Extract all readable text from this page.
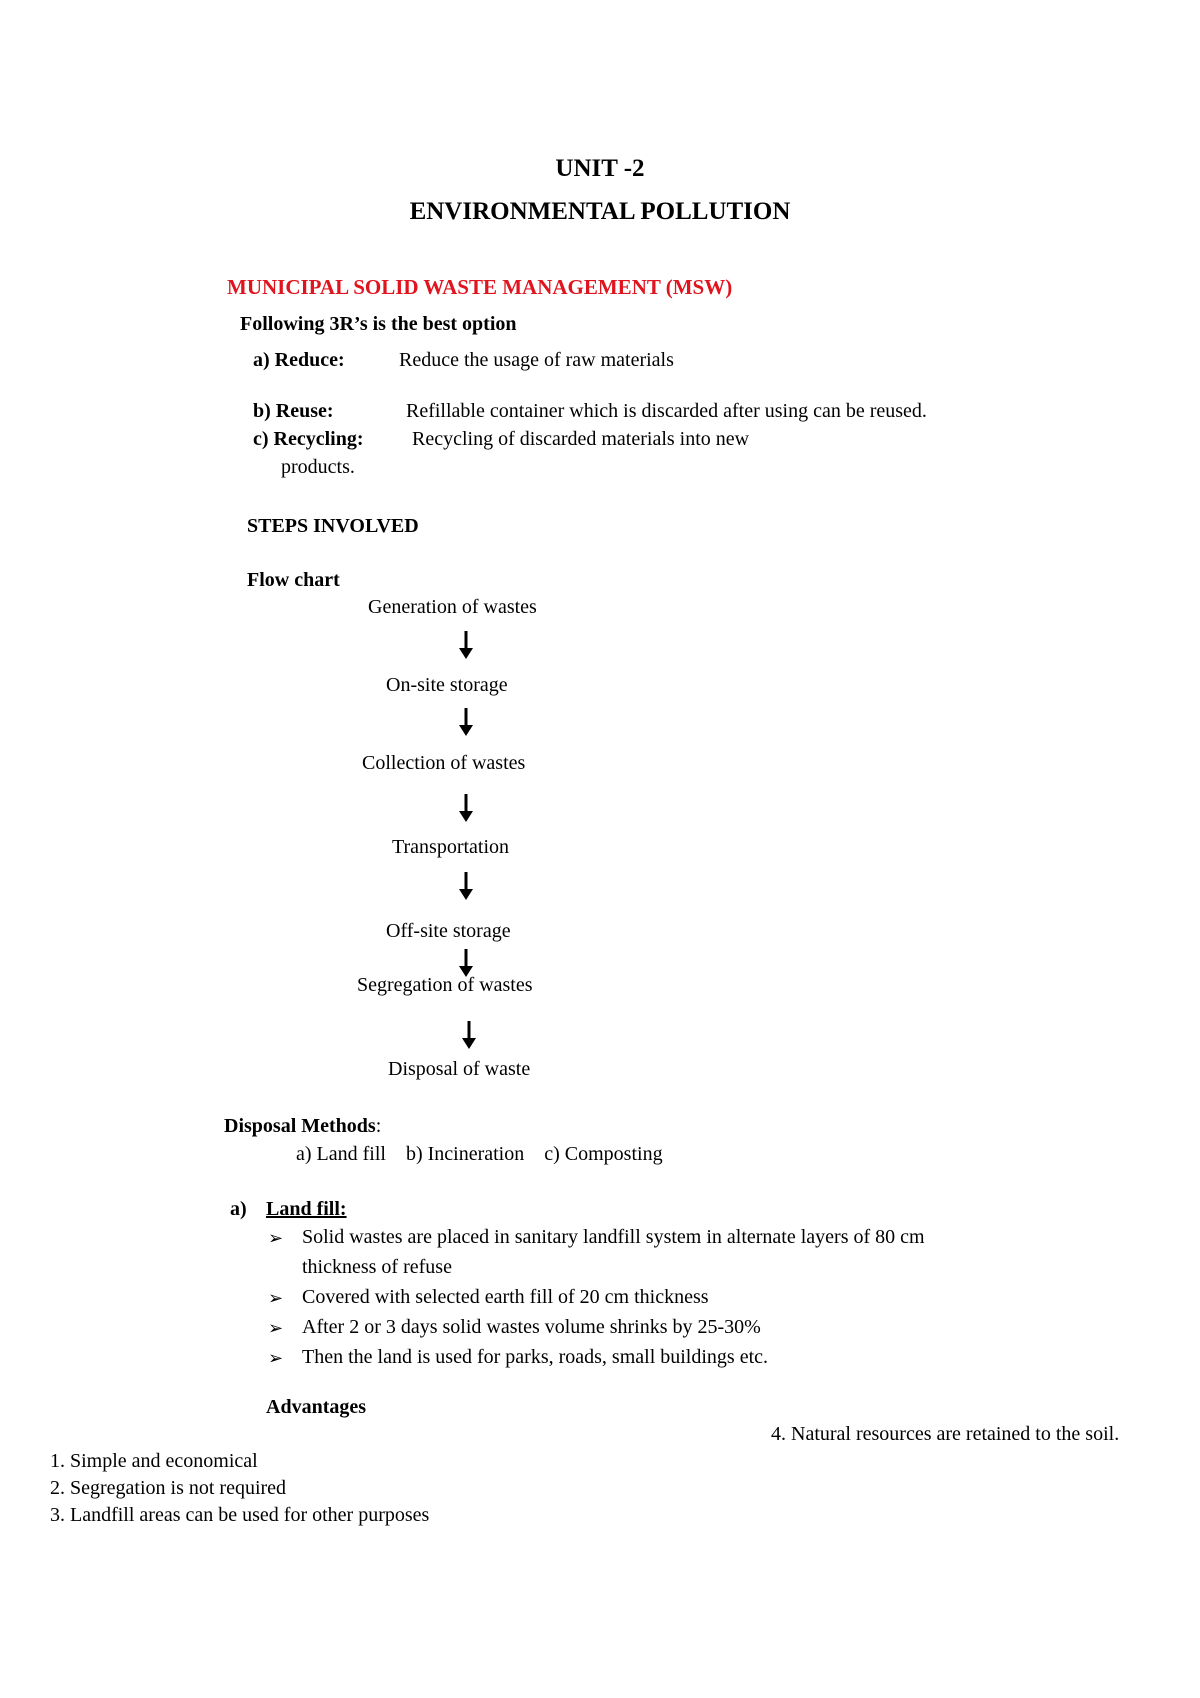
UNIT -2
ENVIRONMENTAL POLLUTION
MUNICIPAL SOLID WASTE MANAGEMENT (MSW)
Following 3R’s is the best option
a) Reduce:	Reduce the usage of raw materials
b) Reuse:	Refillable container which is discarded after using can be reused.
c) Recycling: Recycling of discarded materials into new
products.
STEPS INVOLVED
Flow chart
Generation of wastes
On-site storage
Collection of wastes
Transportation
Off-site storage
Segregation of wastes
Disposal of waste
Disposal Methods:
a) Land fill    b) Incineration    c) Composting
a) Land fill:
➢ Solid wastes are placed in sanitary landfill system in alternate layers of 80 cm
thickness of refuse
➢ Covered with selected earth fill of 20 cm thickness
➢ After 2 or 3 days solid wastes volume shrinks by 25-30%
➢ Then the land is used for parks, roads, small buildings etc.
Advantages
4. Natural resources are retained to the soil.
1. Simple and economical
2. Segregation is not required
3. Landfill areas can be used for other purposes
